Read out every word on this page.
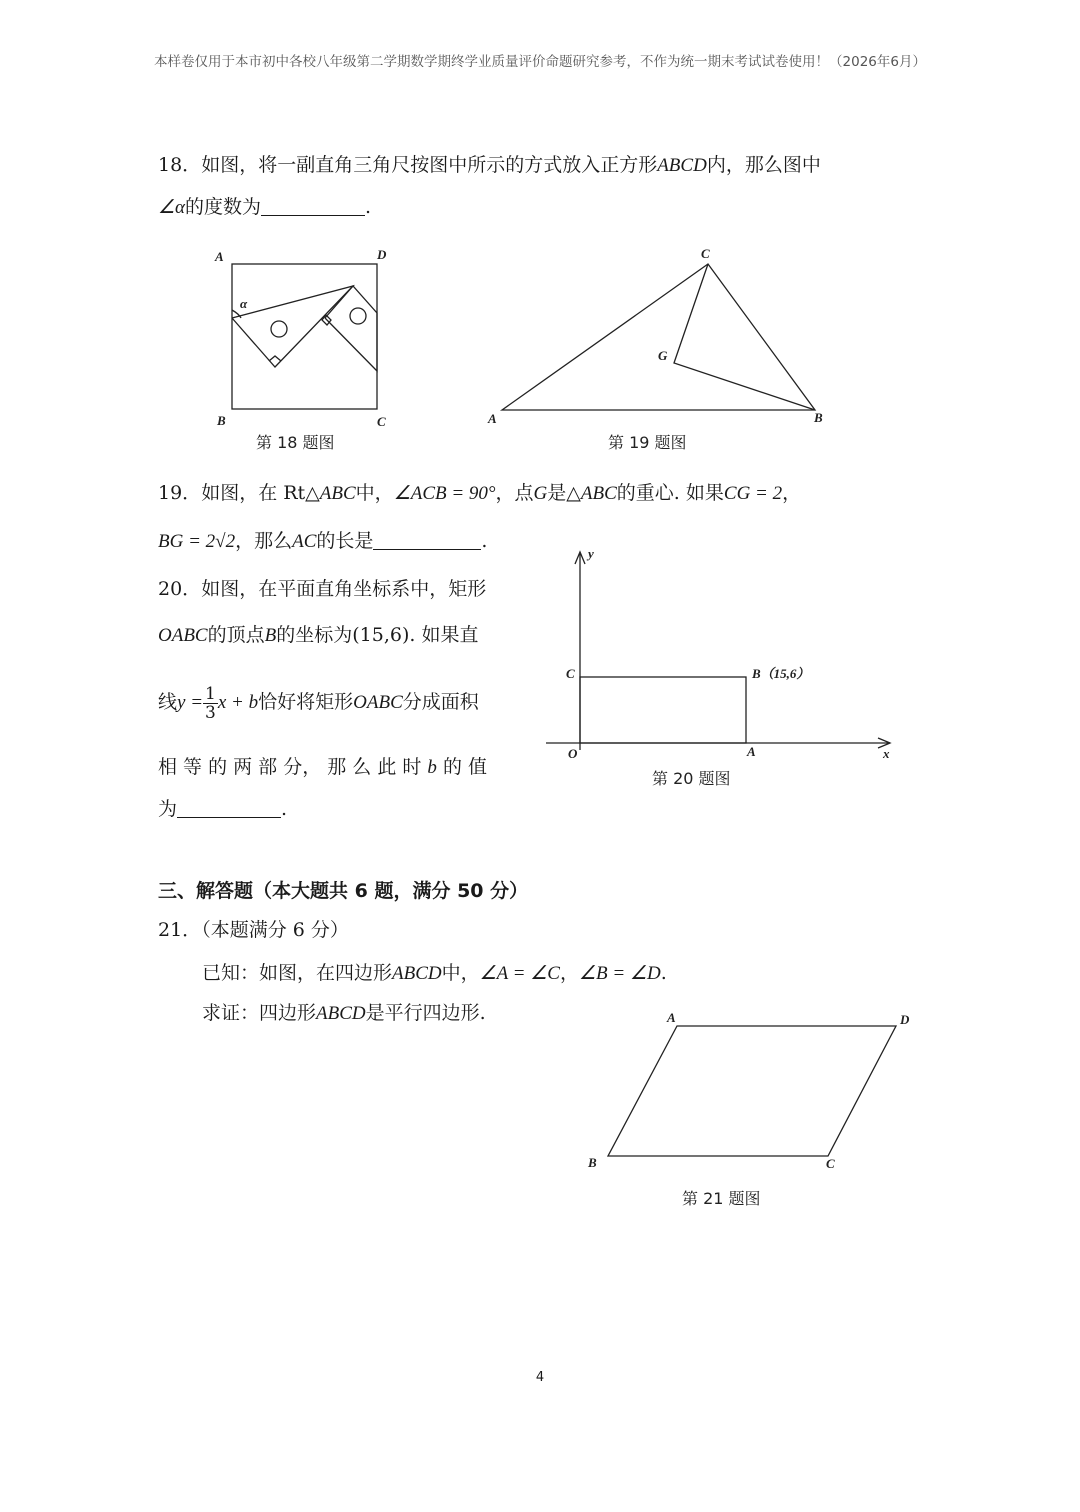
本样卷仅用于本市初中各校八年级第二学期数学期终学业质量评价命题研究参考，不作为统一期末考试试卷使用！（2026年6月）
18．如图，将一副直角三角尺按图中所示的方式放入正方形ABCD内，那么图中
∠α的度数为	.
A	D
B	C
α
第 18 题图
C
G
A	B
第 19 题图
19．如图，在 Rt△ABC中，∠ACB = 90°，点G是△ABC的重心. 如果CG = 2，
BG = 2√2，那么AC的长是	.
20．如图，在平面直角坐标系中，矩形
OABC的顶点B的坐标为(15,6). 如果直
线$y = \frac{1}{3}$ x + b恰好将矩形OABC分成面积
相 等 的 两 部 分， 那 么 此 时 b 的 值
为	.
y
x
O	A
C	B（15,6）
第 20 题图
三、解答题（本大题共 6 题，满分 50 分）
21．（本题满分 6 分）
已知：如图，在四边形ABCD中，∠A = ∠C，∠B = ∠D.
求证：四边形ABCD是平行四边形.	A	D
B	C
第 21 题图
4
